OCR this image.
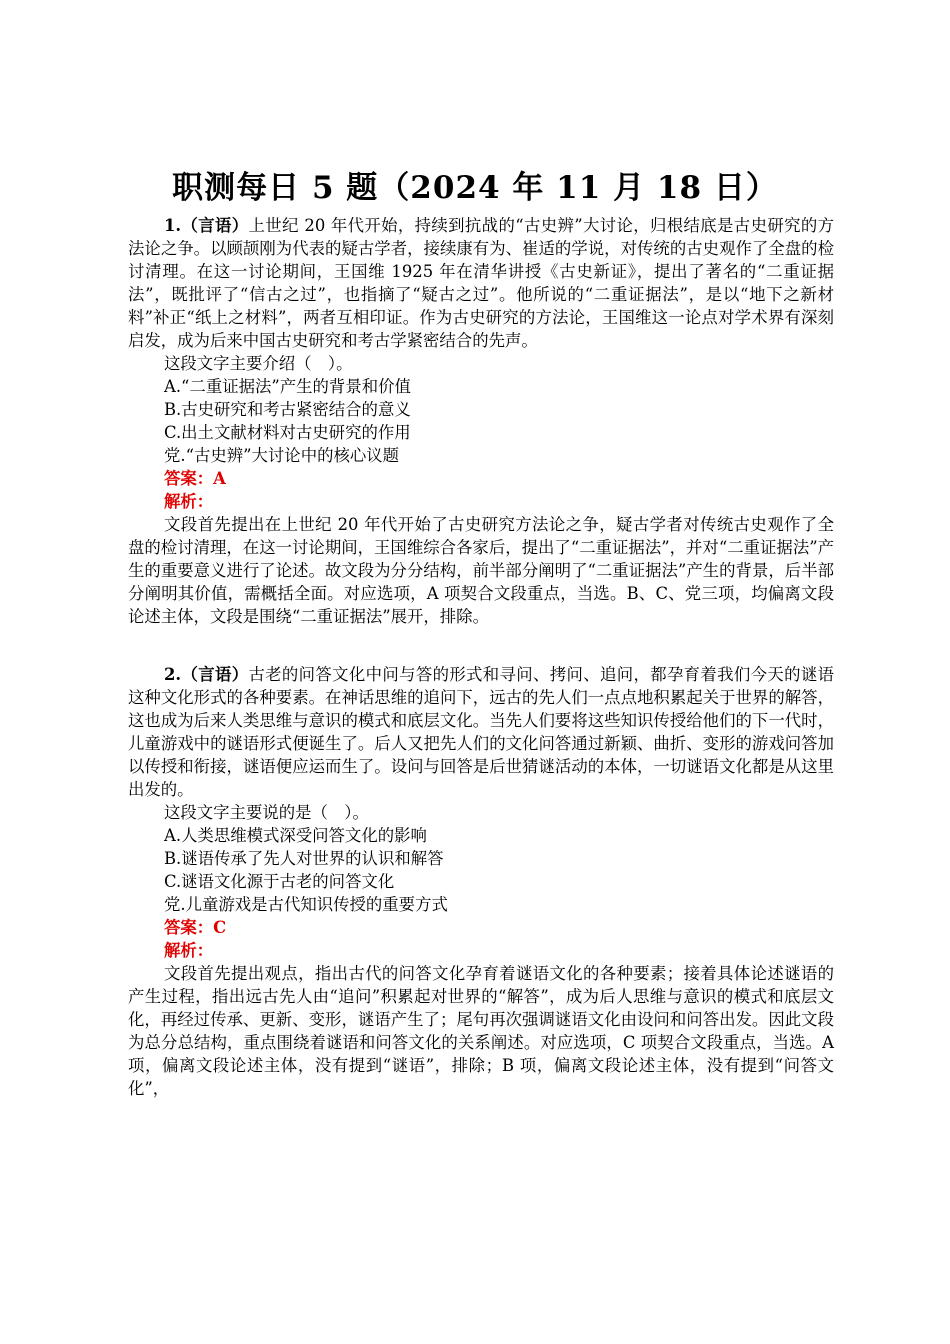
职测每日 5 题（2024 年 11 月 18 日）

1.（言语）上世纪 20 年代开始，持续到抗战的“古史辨”大讨论，归根结底是古史研究的方法论之争。以顾颉刚为代表的疑古学者，接续康有为、崔适的学说，对传统的古史观作了全盘的检讨清理。在这一讨论期间，王国维 1925 年在清华讲授《古史新证》，提出了著名的“二重证据法”，既批评了“信古之过”，也指摘了“疑古之过”。他所说的“二重证据法”，是以“地下之新材料”补正“纸上之材料”，两者互相印证。作为古史研究的方法论，王国维这一论点对学术界有深刻启发，成为后来中国古史研究和考古学紧密结合的先声。

这段文字主要介绍（　）。

A.“二重证据法”产生的背景和价值

B.古史研究和考古紧密结合的意义

C.出土文献材料对古史研究的作用

党.“古史辨”大讨论中的核心议题

答案：A

解析：

文段首先提出在上世纪 20 年代开始了古史研究方法论之争，疑古学者对传统古史观作了全盘的检讨清理，在这一讨论期间，王国维综合各家后，提出了“二重证据法”，并对“二重证据法”产生的重要意义进行了论述。故文段为分分结构，前半部分阐明了“二重证据法”产生的背景，后半部分阐明其价值，需概括全面。对应选项，A 项契合文段重点，当选。B、C、党三项，均偏离文段论述主体，文段是围绕“二重证据法”展开，排除。

2.（言语）古老的问答文化中问与答的形式和寻问、拷问、追问，都孕育着我们今天的谜语这种文化形式的各种要素。在神话思维的追问下，远古的先人们一点点地积累起关于世界的解答，这也成为后来人类思维与意识的模式和底层文化。当先人们要将这些知识传授给他们的下一代时，儿童游戏中的谜语形式便诞生了。后人又把先人们的文化问答通过新颖、曲折、变形的游戏问答加以传授和衔接，谜语便应运而生了。设问与回答是后世猜谜活动的本体，一切谜语文化都是从这里出发的。

这段文字主要说的是（　）。

A.人类思维模式深受问答文化的影响

B.谜语传承了先人对世界的认识和解答

C.谜语文化源于古老的问答文化

党.儿童游戏是古代知识传授的重要方式

答案：C

解析：

文段首先提出观点，指出古代的问答文化孕育着谜语文化的各种要素；接着具体论述谜语的产生过程，指出远古先人由“追问”积累起对世界的“解答”，成为后人思维与意识的模式和底层文化，再经过传承、更新、变形，谜语产生了；尾句再次强调谜语文化由设问和问答出发。因此文段为总分总结构，重点围绕着谜语和问答文化的关系阐述。对应选项，C 项契合文段重点，当选。A 项，偏离文段论述主体，没有提到“谜语”，排除；B 项，偏离文段论述主体，没有提到“问答文化”，
